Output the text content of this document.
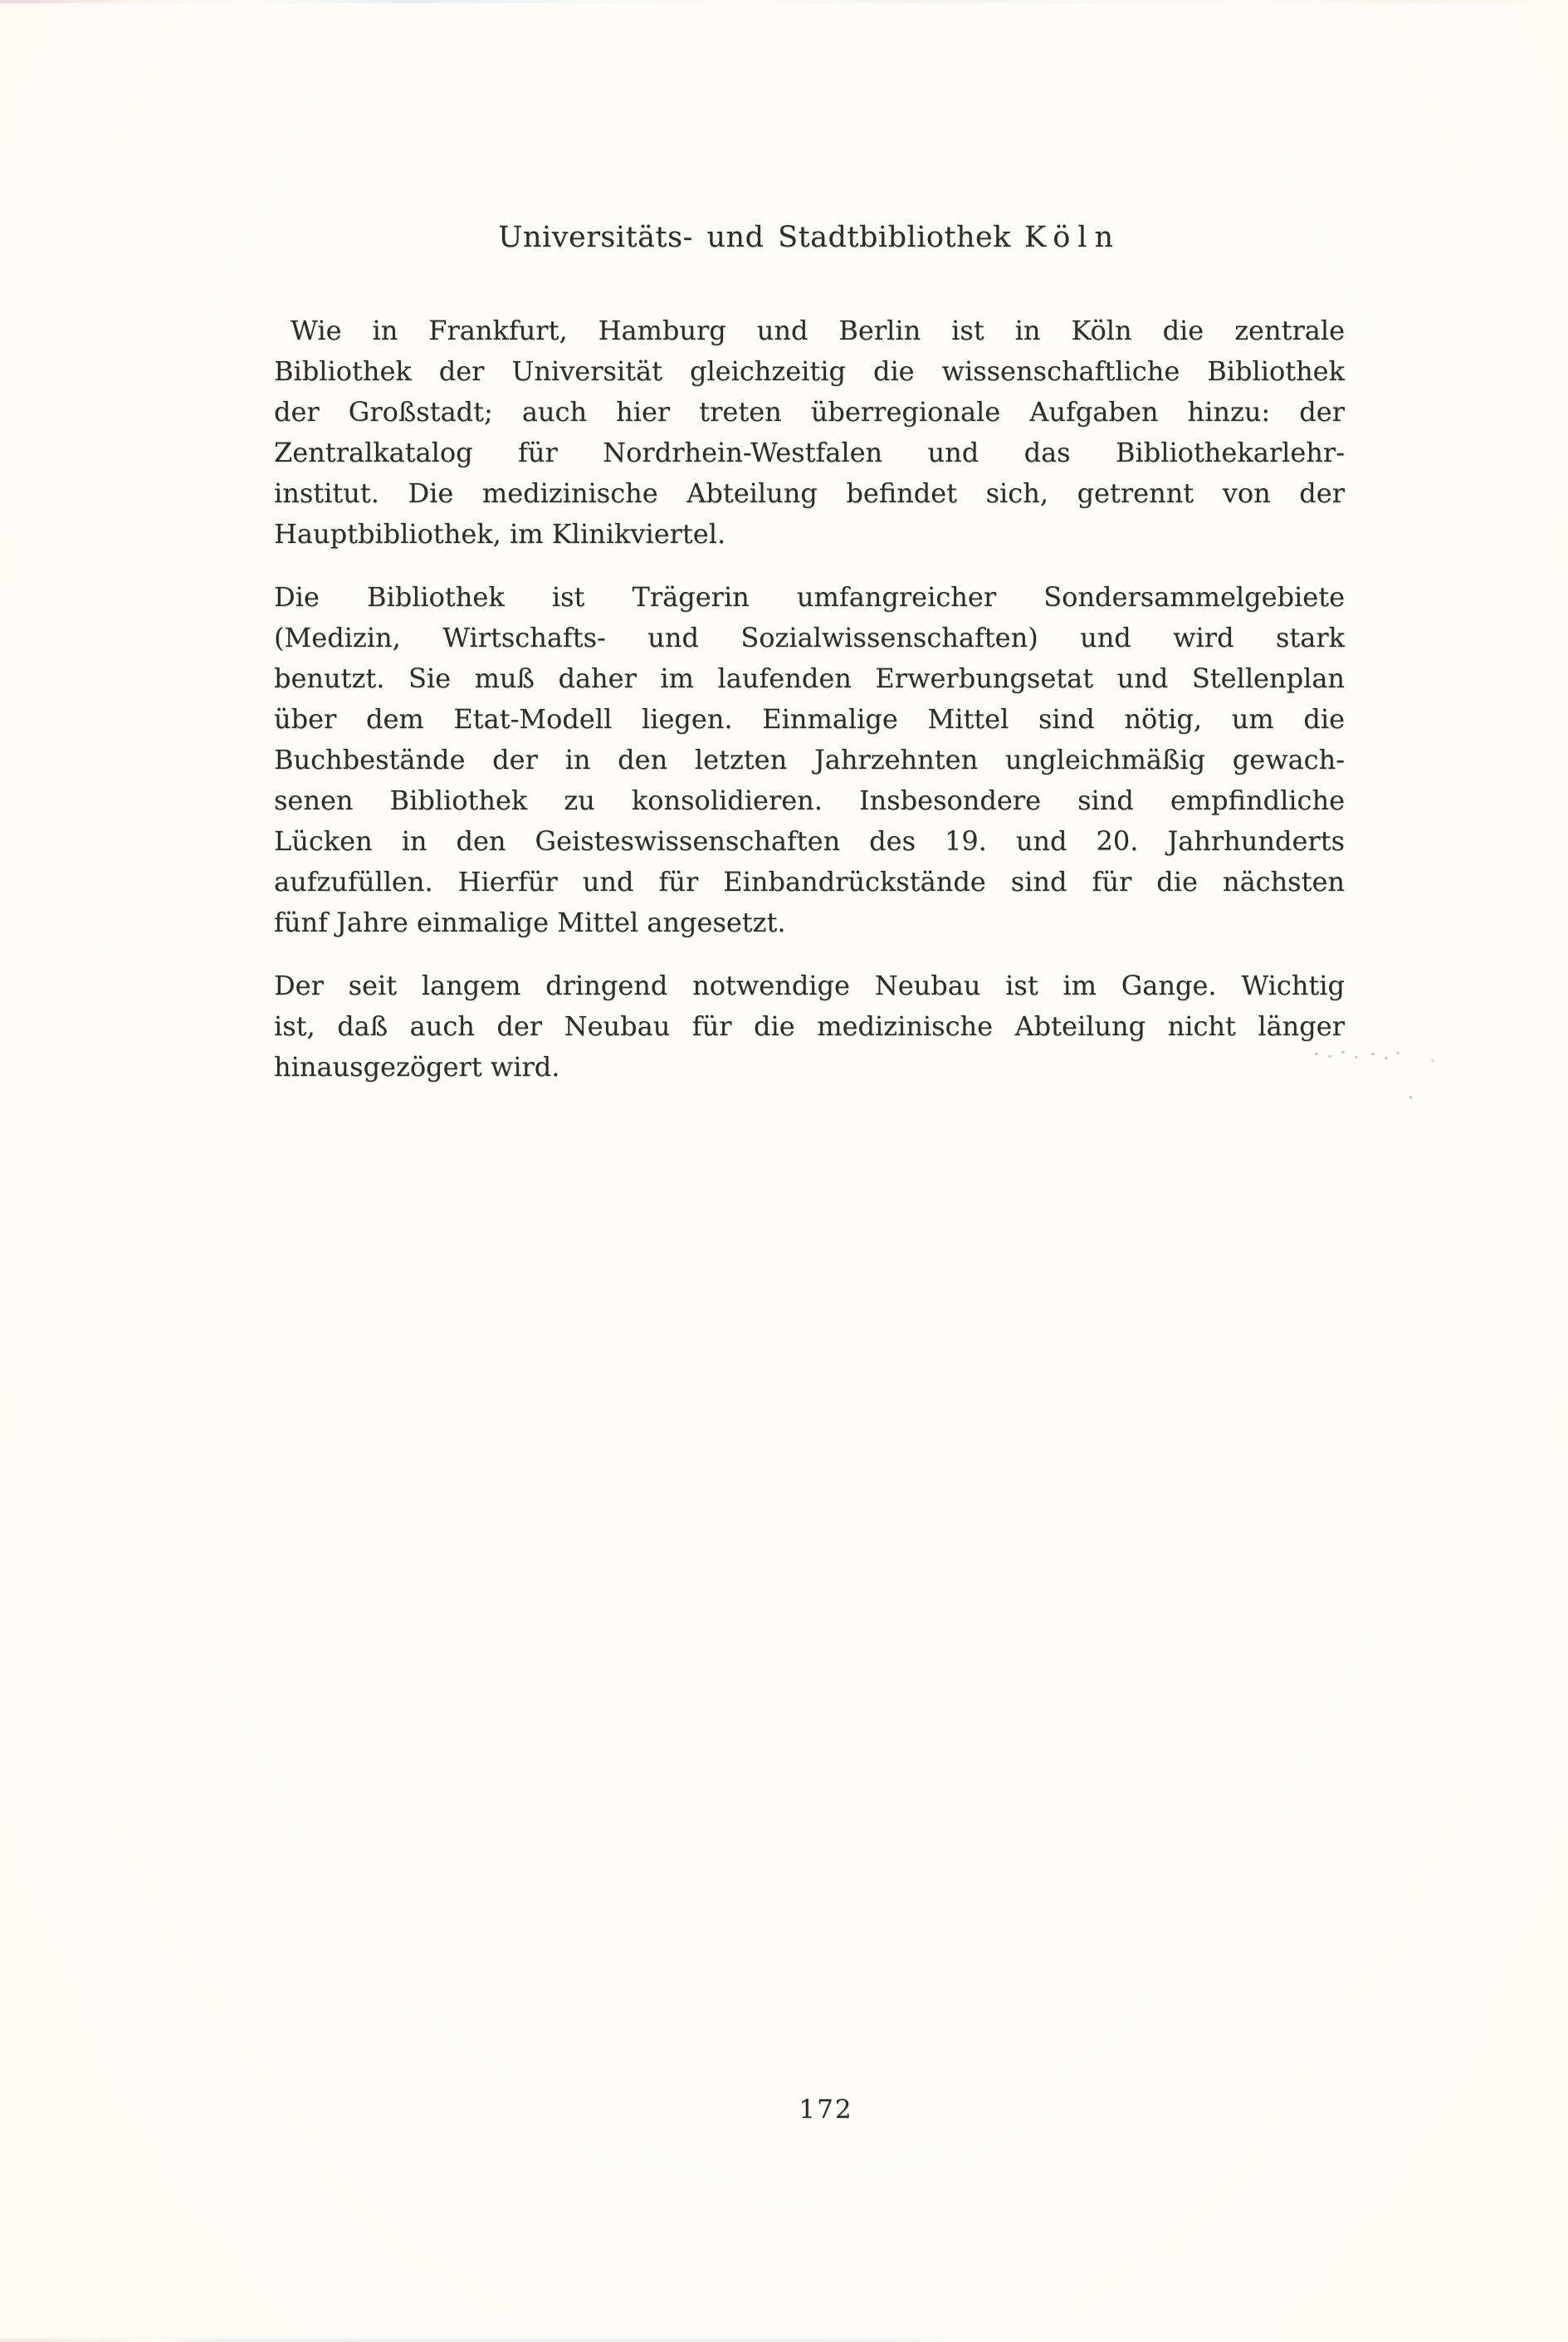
Universitäts- und Stadtbibliothek Köln
Wie in Frankfurt, Hamburg und Berlin ist in Köln die zentrale
Bibliothek der Universität gleichzeitig die wissenschaftliche Bibliothek
der Großstadt; auch hier treten überregionale Aufgaben hinzu: der
Zentralkatalog für Nordrhein-Westfalen und das Bibliothekarlehr-
institut. Die medizinische Abteilung befindet sich, getrennt von der
Hauptbibliothek, im Klinikviertel.
Die Bibliothek ist Trägerin umfangreicher Sondersammelgebiete
(Medizin, Wirtschafts- und Sozialwissenschaften) und wird stark
benutzt. Sie muß daher im laufenden Erwerbungsetat und Stellenplan
über dem Etat-Modell liegen. Einmalige Mittel sind nötig, um die
Buchbestände der in den letzten Jahrzehnten ungleichmäßig gewach-
senen Bibliothek zu konsolidieren. Insbesondere sind empfindliche
Lücken in den Geisteswissenschaften des 19. und 20. Jahrhunderts
aufzufüllen. Hierfür und für Einbandrückstände sind für die nächsten
fünf Jahre einmalige Mittel angesetzt.
Der seit langem dringend notwendige Neubau ist im Gange. Wichtig
ist, daß auch der Neubau für die medizinische Abteilung nicht länger
hinausgezögert wird.
172
